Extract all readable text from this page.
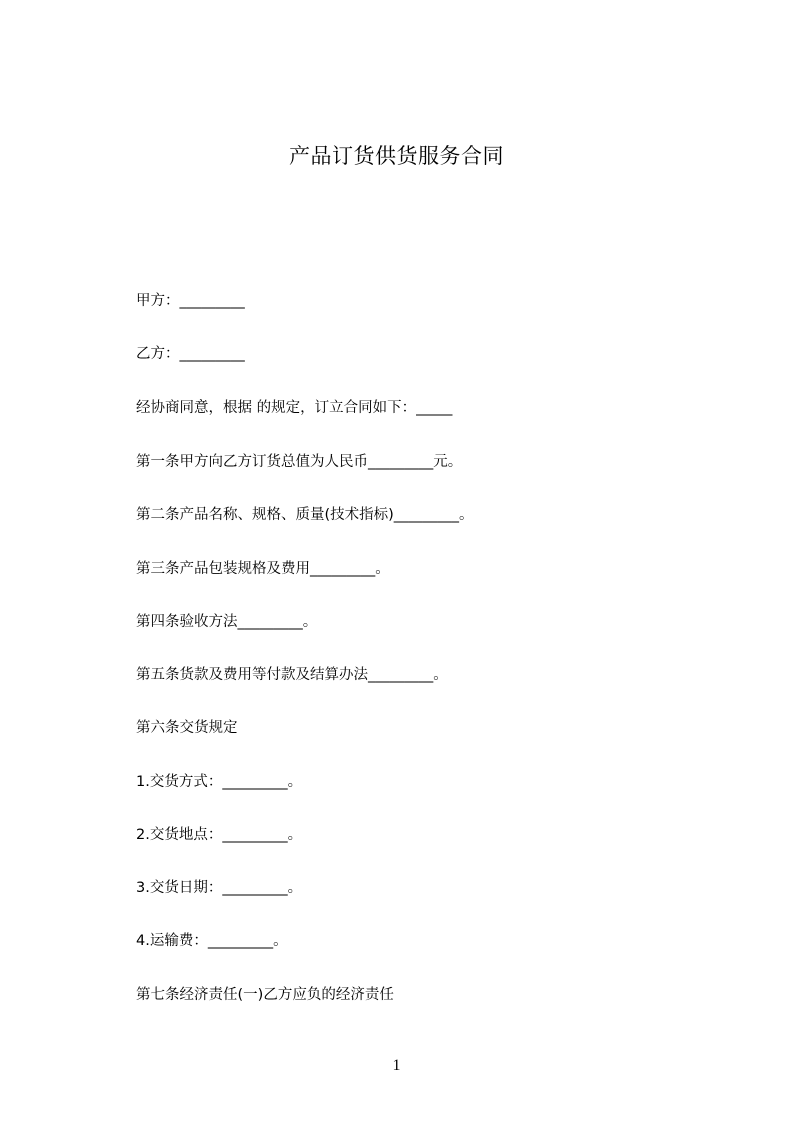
产品订货供货服务合同
甲方：_________
乙方：_________
经协商同意，根据 的规定，订立合同如下：_____
第一条甲方向乙方订货总值为人民币_________元。
第二条产品名称、规格、质量(技术指标)_________。
第三条产品包装规格及费用_________。
第四条验收方法_________。
第五条货款及费用等付款及结算办法_________。
第六条交货规定
1.交货方式：_________。
2.交货地点：_________。
3.交货日期：_________。
4.运输费：_________。
第七条经济责任(一)乙方应负的经济责任
1
